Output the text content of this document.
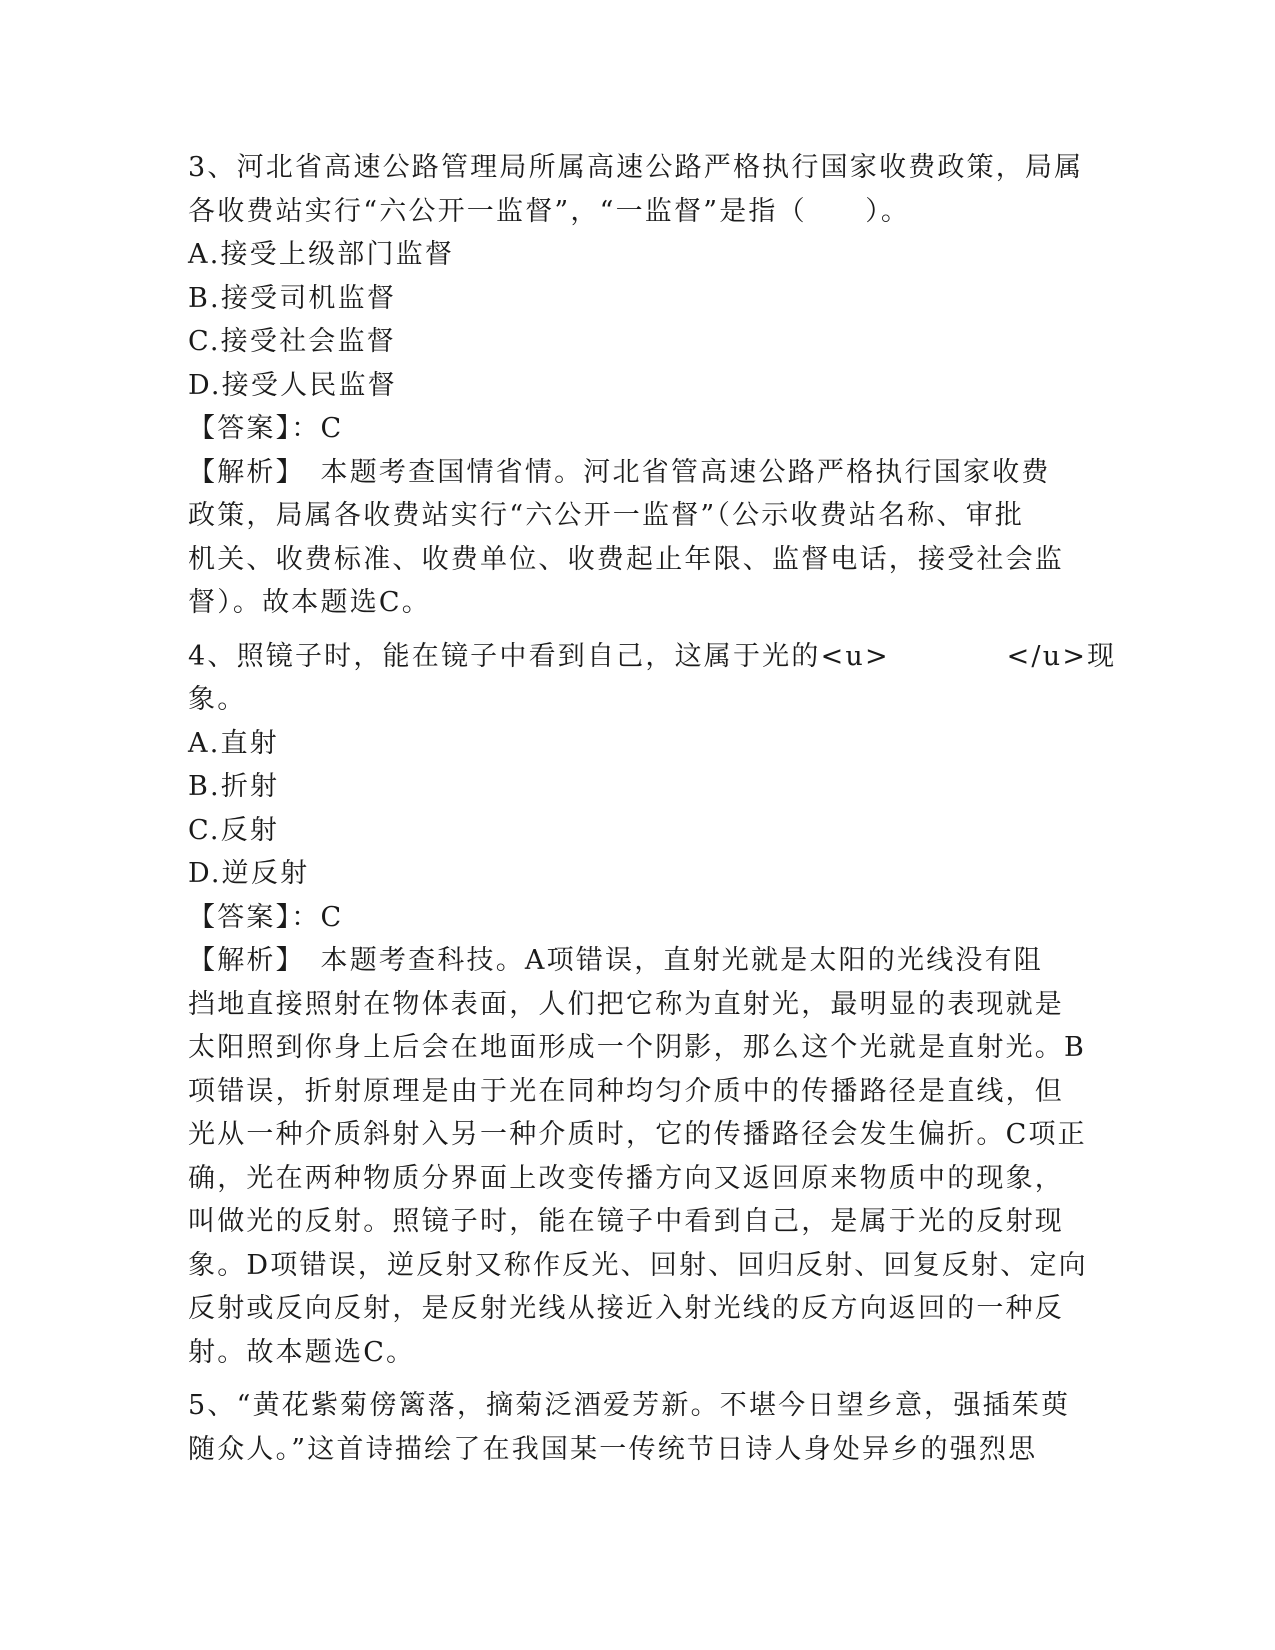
3、河北省高速公路管理局所属高速公路严格执行国家收费政策，局属
各收费站实行“六公开一监督”，“一监督”是指（　　）。
A.接受上级部门监督
B.接受司机监督
C.接受社会监督
D.接受人民监督
【答案】：C
【解析】　本题考查国情省情。河北省管高速公路严格执行国家收费
政策，局属各收费站实行“六公开一监督”（公示收费站名称、审批
机关、收费标准、收费单位、收费起止年限、监督电话，接受社会监
督）。故本题选C。
4、照镜子时，能在镜子中看到自己，这属于光的<u>　　　　</u>现
象。
A.直射
B.折射
C.反射
D.逆反射
【答案】：C
【解析】　本题考查科技。A项错误，直射光就是太阳的光线没有阻
挡地直接照射在物体表面，人们把它称为直射光，最明显的表现就是
太阳照到你身上后会在地面形成一个阴影，那么这个光就是直射光。B
项错误，折射原理是由于光在同种均匀介质中的传播路径是直线，但
光从一种介质斜射入另一种介质时，它的传播路径会发生偏折。C项正
确，光在两种物质分界面上改变传播方向又返回原来物质中的现象，
叫做光的反射。照镜子时，能在镜子中看到自己，是属于光的反射现
象。D项错误，逆反射又称作反光、回射、回归反射、回复反射、定向
反射或反向反射，是反射光线从接近入射光线的反方向返回的一种反
射。故本题选C。
5、“黄花紫菊傍篱落，摘菊泛酒爱芳新。不堪今日望乡意，强插茱萸
随众人。”这首诗描绘了在我国某一传统节日诗人身处异乡的强烈思
